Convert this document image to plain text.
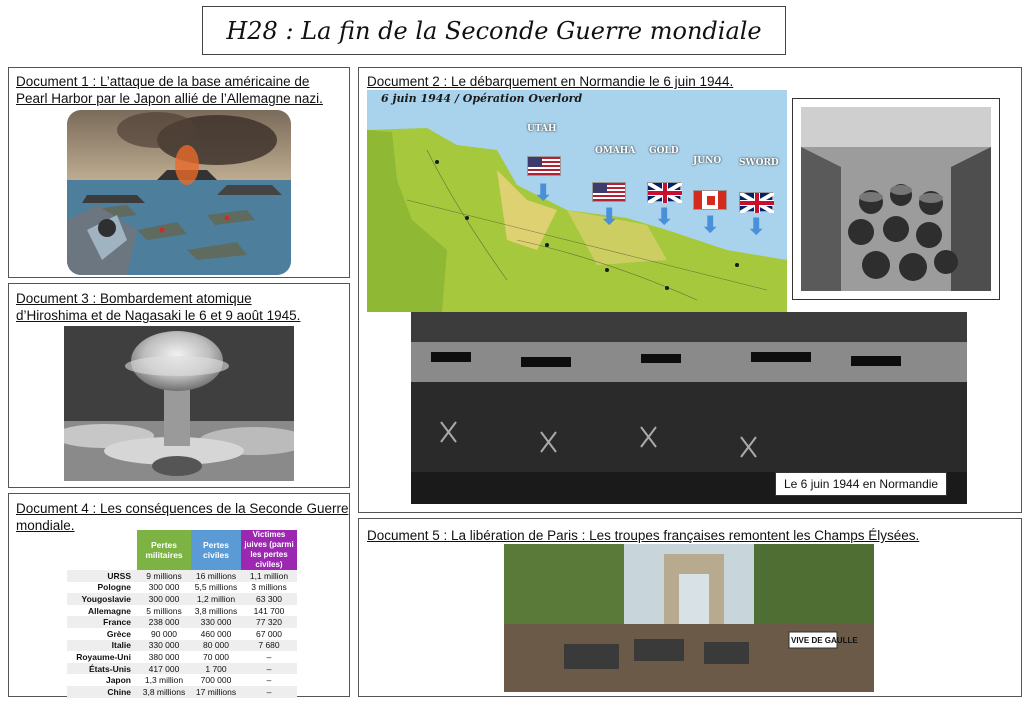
H28 : La fin de la Seconde Guerre mondiale
Document 1 : L’attaque de la base américaine de
Pearl Harbor par le Japon allié de l’Allemagne nazi.
Document 3 : Bombardement atomique
d’Hiroshima et de Nagasaki le 6 et 9 août 1945.
Document 4 : Les conséquences de la Seconde Guerre
mondiale.
	Pertes militaires	Pertes civiles	Victimes juives (parmi les pertes civiles)
URSS	9 millions	16 millions	1,1 million
Pologne	300 000	5,5 millions	3 millions
Yougoslavie	300 000	1,2 million	63 300
Allemagne	5 millions	3,8 millions	141 700
France	238 000	330 000	77 320
Grèce	90 000	460 000	67 000
Italie	330 000	80 000	7 680
Royaume-Uni	380 000	70 000	–
États-Unis	417 000	1 700	–
Japon	1,3 million	700 000	–
Chine	3,8 millions	17 millions	–
Document 2 : Le débarquement en Normandie le 6 juin 1944.
6 juin 1944 / Opération Overlord
UTAH
⬇
OMAHA
⬇
GOLD
⬇
JUNO
⬇
SWORD
⬇
Le 6 juin 1944 en Normandie
Document 5 : La libération de Paris : Les troupes françaises remontent les Champs Élysées.
VIVE DE GAULLE
